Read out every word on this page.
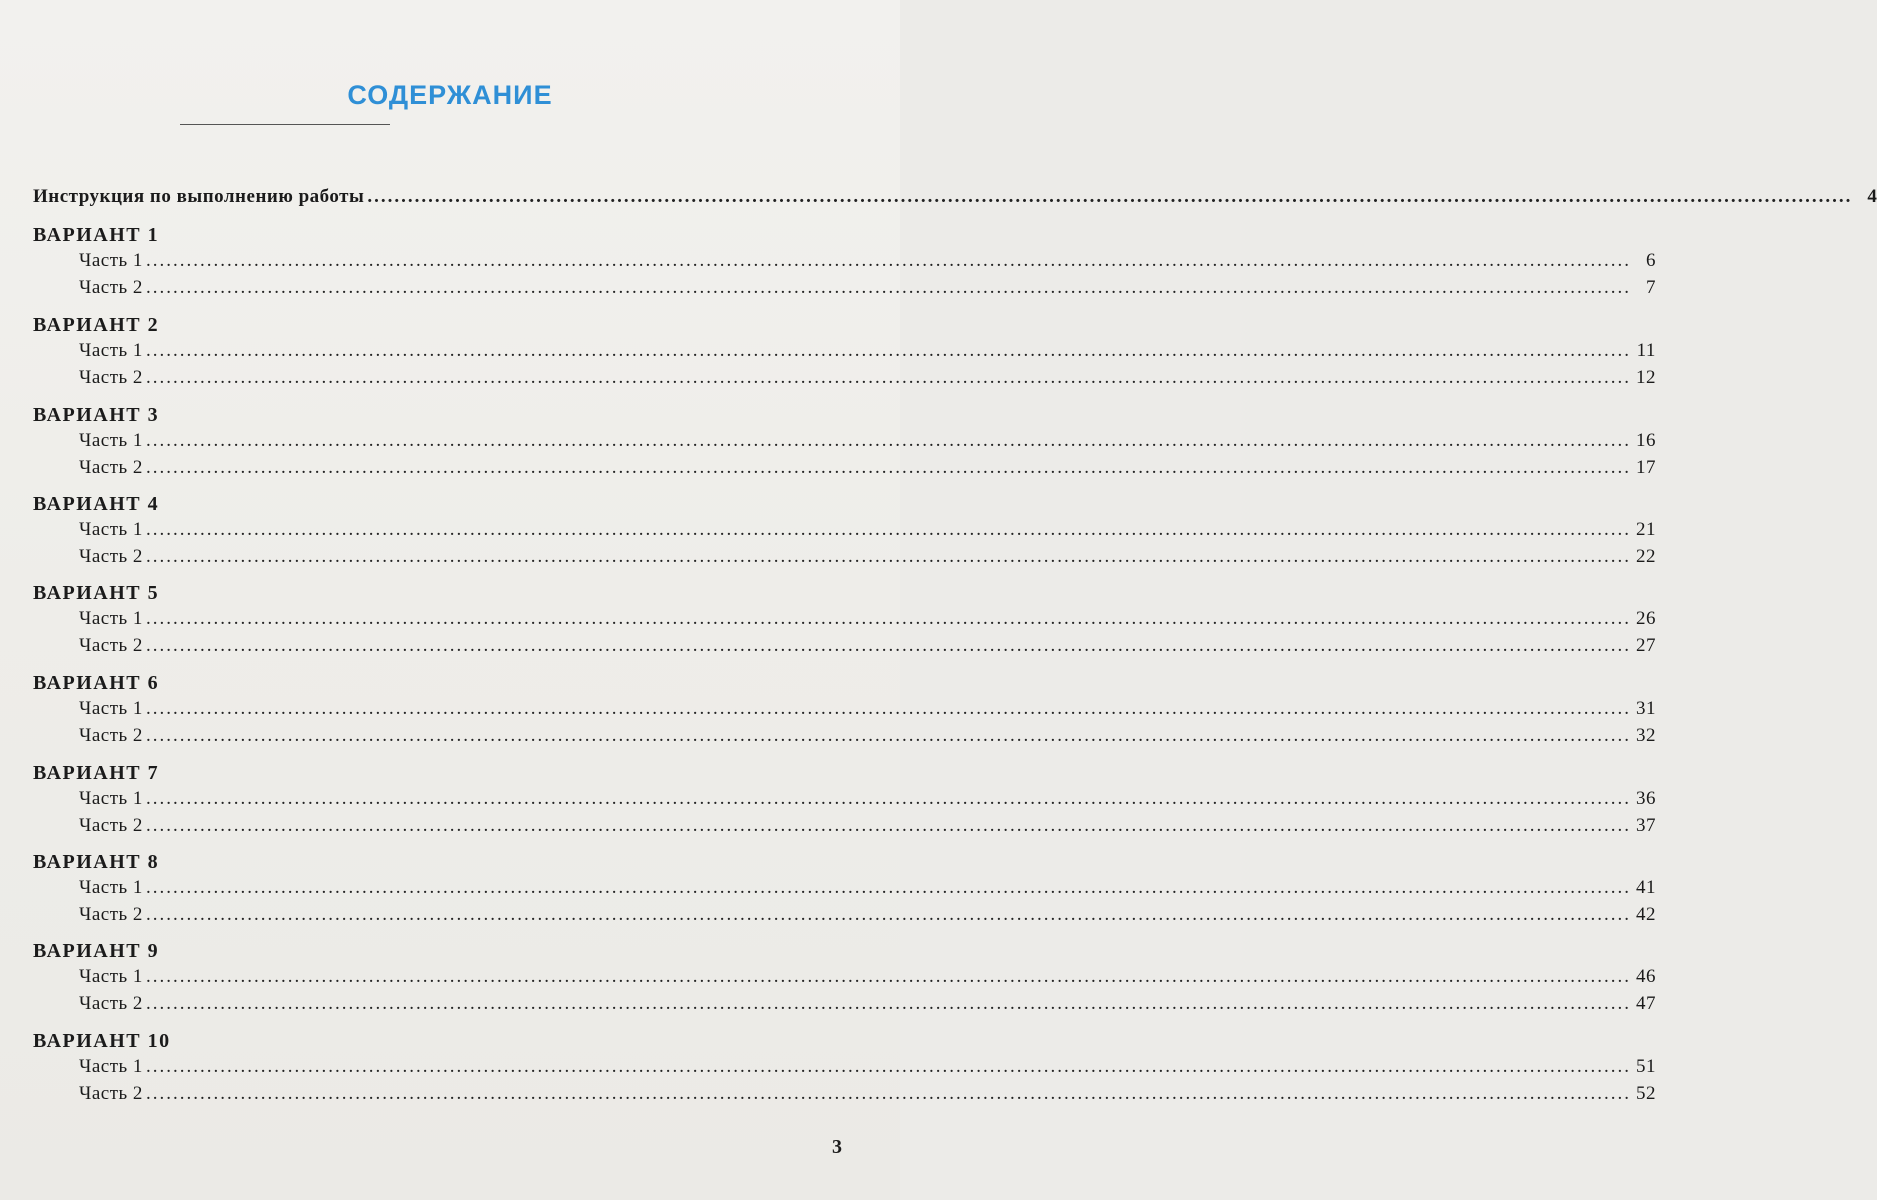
СОДЕРЖАНИЕ
Инструкция по выполнению работы ............................................................................................................................................................................................................................ 4
ВАРИАНТ 1
Часть 1 ............................................................................................................................................................................................................................ 6
Часть 2 ............................................................................................................................................................................................................................ 7
ВАРИАНТ 2
Часть 1 ............................................................................................................................................................................................................................ 11
Часть 2 ............................................................................................................................................................................................................................ 12
ВАРИАНТ 3
Часть 1 ............................................................................................................................................................................................................................ 16
Часть 2 ............................................................................................................................................................................................................................ 17
ВАРИАНТ 4
Часть 1 ............................................................................................................................................................................................................................ 21
Часть 2 ............................................................................................................................................................................................................................ 22
ВАРИАНТ 5
Часть 1 ............................................................................................................................................................................................................................ 26
Часть 2 ............................................................................................................................................................................................................................ 27
ВАРИАНТ 6
Часть 1 ............................................................................................................................................................................................................................ 31
Часть 2 ............................................................................................................................................................................................................................ 32
ВАРИАНТ 7
Часть 1 ............................................................................................................................................................................................................................ 36
Часть 2 ............................................................................................................................................................................................................................ 37
ВАРИАНТ 8
Часть 1 ............................................................................................................................................................................................................................ 41
Часть 2 ............................................................................................................................................................................................................................ 42
ВАРИАНТ 9
Часть 1 ............................................................................................................................................................................................................................ 46
Часть 2 ............................................................................................................................................................................................................................ 47
ВАРИАНТ 10
Часть 1 ............................................................................................................................................................................................................................ 51
Часть 2 ............................................................................................................................................................................................................................ 52
3
